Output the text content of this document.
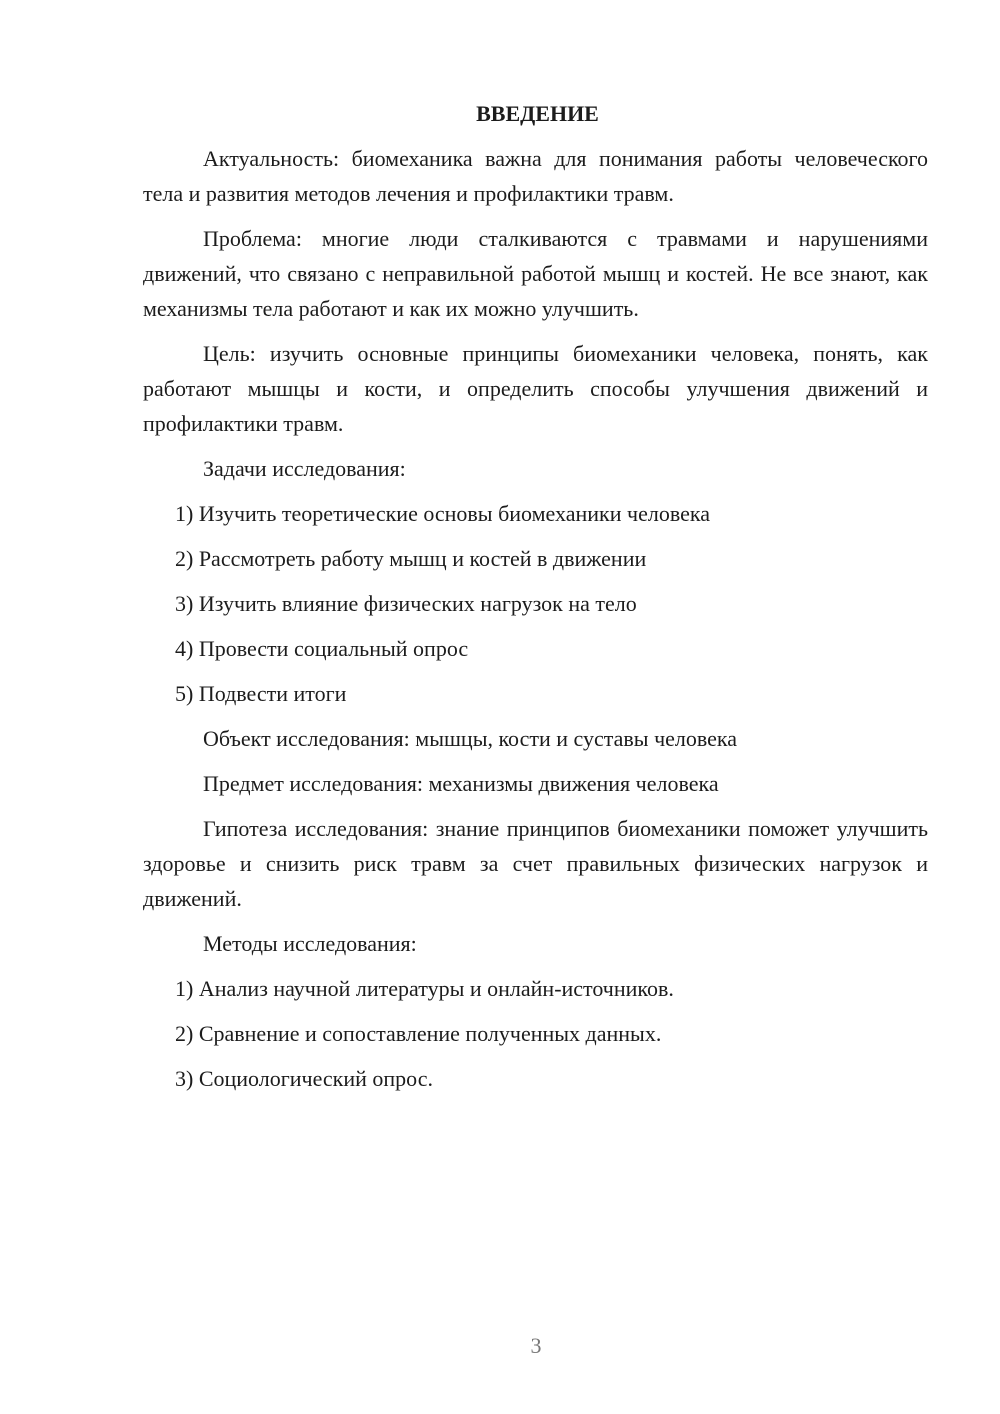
ВВЕДЕНИЕ

Актуальность: биомеханика важна для понимания работы человеческого тела и развития методов лечения и профилактики травм.

Проблема: многие люди сталкиваются с травмами и нарушениями движений, что связано с неправильной работой мышц и костей. Не все знают, как механизмы тела работают и как их можно улучшить.

Цель: изучить основные принципы биомеханики человека, понять, как работают мышцы и кости, и определить способы улучшения движений и профилактики травм.

Задачи исследования:

1) Изучить теоретические основы биомеханики человека

2) Рассмотреть работу мышц и костей в движении

3) Изучить влияние физических нагрузок на тело

4) Провести социальный опрос

5) Подвести итоги

Объект исследования: мышцы, кости и суставы человека

Предмет исследования: механизмы движения человека

Гипотеза исследования: знание принципов биомеханики поможет улучшить здоровье и снизить риск травм за счет правильных физических нагрузок и движений.

Методы исследования:

1) Анализ научной литературы и онлайн-источников.

2) Сравнение и сопоставление полученных данных.

3) Социологический опрос.

3
